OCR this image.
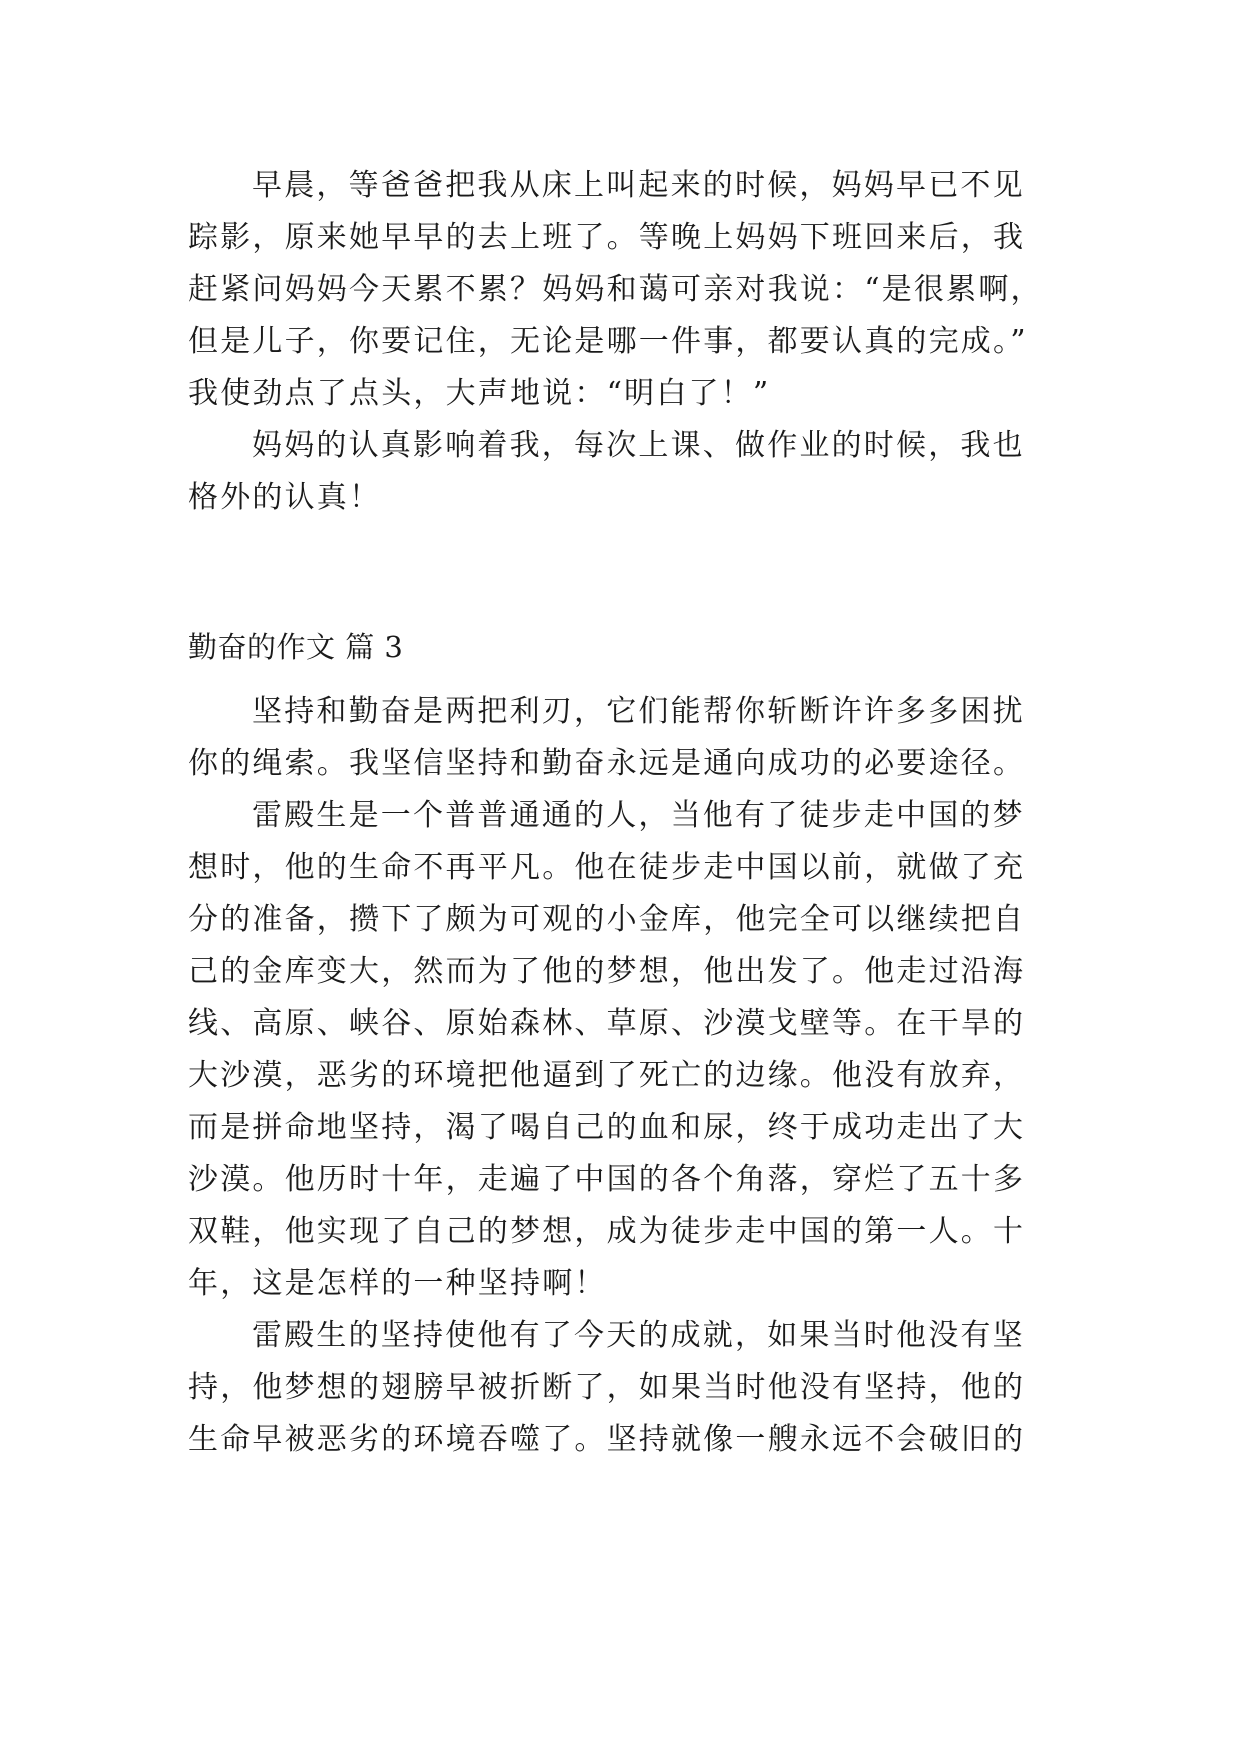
早晨，等爸爸把我从床上叫起来的时候，妈妈早已不见
踪影，原来她早早的去上班了。等晚上妈妈下班回来后，我
赶紧问妈妈今天累不累？妈妈和蔼可亲对我说：“是很累啊，
但是儿子，你要记住，无论是哪一件事，都要认真的完成。”
我使劲点了点头，大声地说：“明白了！”
妈妈的认真影响着我，每次上课、做作业的时候，我也
格外的认真！
勤奋的作文 篇 3
坚持和勤奋是两把利刃，它们能帮你斩断许许多多困扰
你的绳索。我坚信坚持和勤奋永远是通向成功的必要途径。
雷殿生是一个普普通通的人，当他有了徒步走中国的梦
想时，他的生命不再平凡。他在徒步走中国以前，就做了充
分的准备，攒下了颇为可观的小金库，他完全可以继续把自
己的金库变大，然而为了他的梦想，他出发了。他走过沿海
线、高原、峡谷、原始森林、草原、沙漠戈壁等。在干旱的
大沙漠，恶劣的环境把他逼到了死亡的边缘。他没有放弃，
而是拼命地坚持，渴了喝自己的血和尿，终于成功走出了大
沙漠。他历时十年，走遍了中国的各个角落，穿烂了五十多
双鞋，他实现了自己的梦想，成为徒步走中国的第一人。十
年，这是怎样的一种坚持啊！
雷殿生的坚持使他有了今天的成就，如果当时他没有坚
持，他梦想的翅膀早被折断了，如果当时他没有坚持，他的
生命早被恶劣的环境吞噬了。坚持就像一艘永远不会破旧的
